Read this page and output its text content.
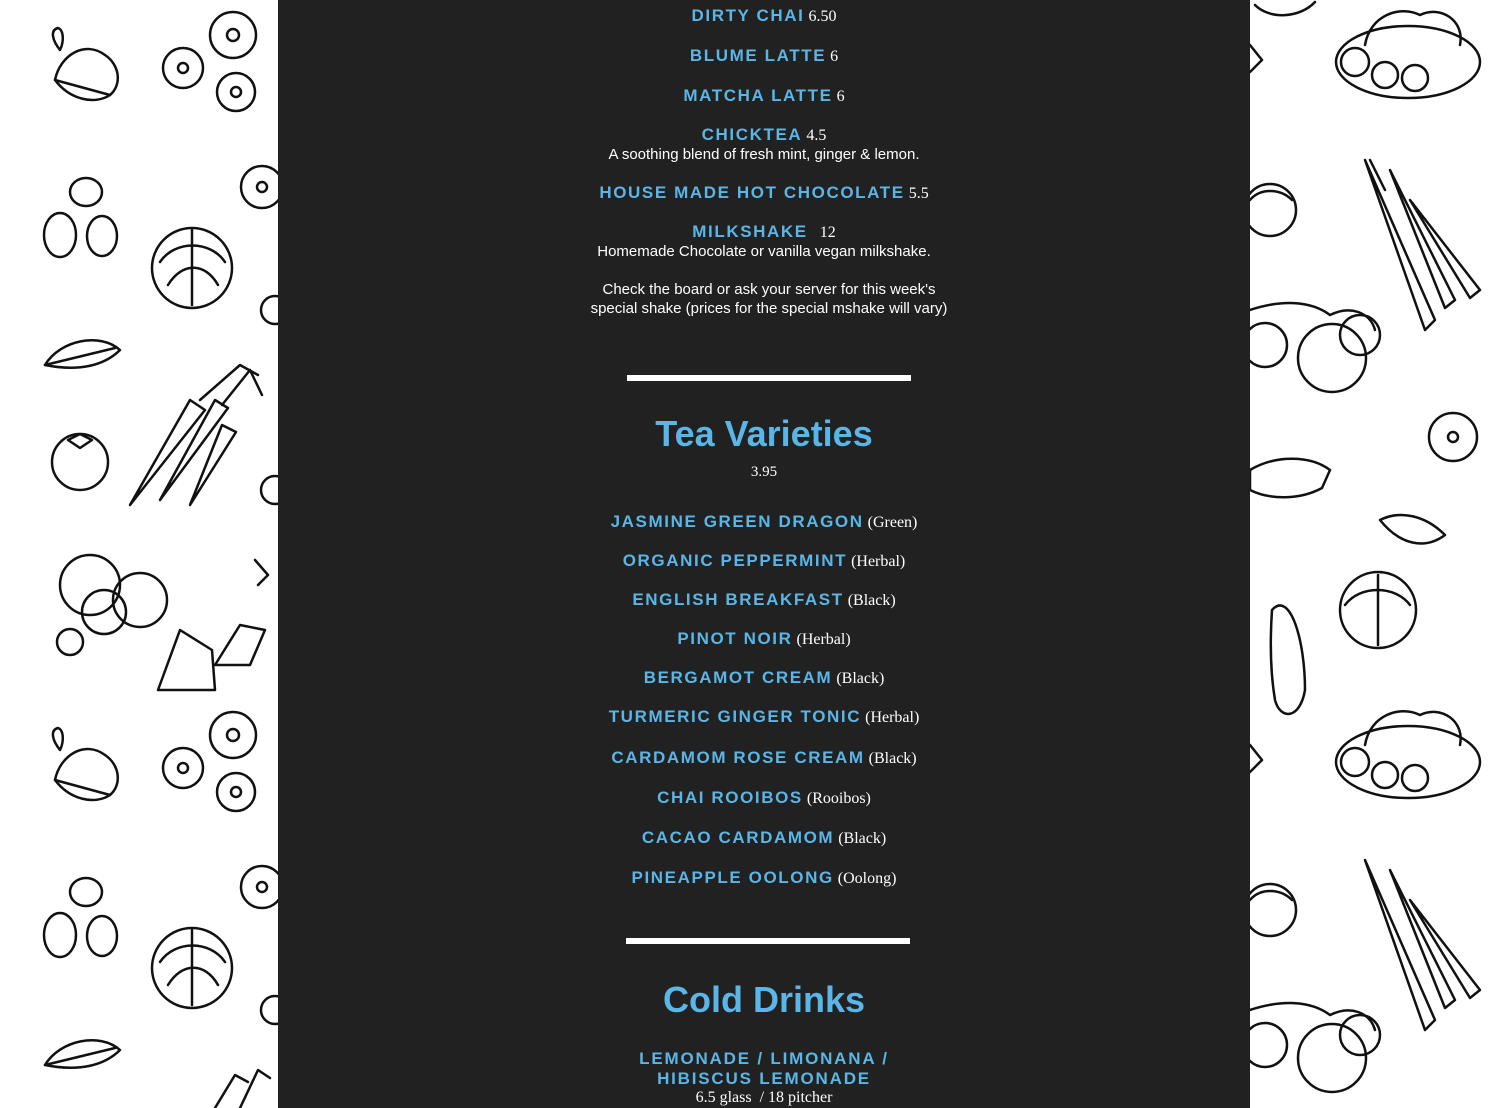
DIRTY CHAI 6.50
BLUME LATTE 6
MATCHA LATTE 6
CHICKTEA 4.5
A soothing blend of fresh mint, ginger & lemon.
HOUSE MADE HOT CHOCOLATE 5.5
MILKSHAKE 12
Homemade Chocolate or vanilla vegan milkshake.
Check the board or ask your server for this week's special shake (prices for the special mshake will vary)
Tea Varieties
3.95
JASMINE GREEN DRAGON (Green)
ORGANIC PEPPERMINT (Herbal)
ENGLISH BREAKFAST (Black)
PINOT NOIR (Herbal)
BERGAMOT CREAM (Black)
TURMERIC GINGER TONIC (Herbal)
CARDAMOM ROSE CREAM (Black)
CHAI ROOIBOS (Rooibos)
CACAO CARDAMOM (Black)
PINEAPPLE OOLONG (Oolong)
Cold Drinks
LEMONADE / LIMONANA /
HIBISCUS LEMONADE
6.5 glass  / 18 pitcher
